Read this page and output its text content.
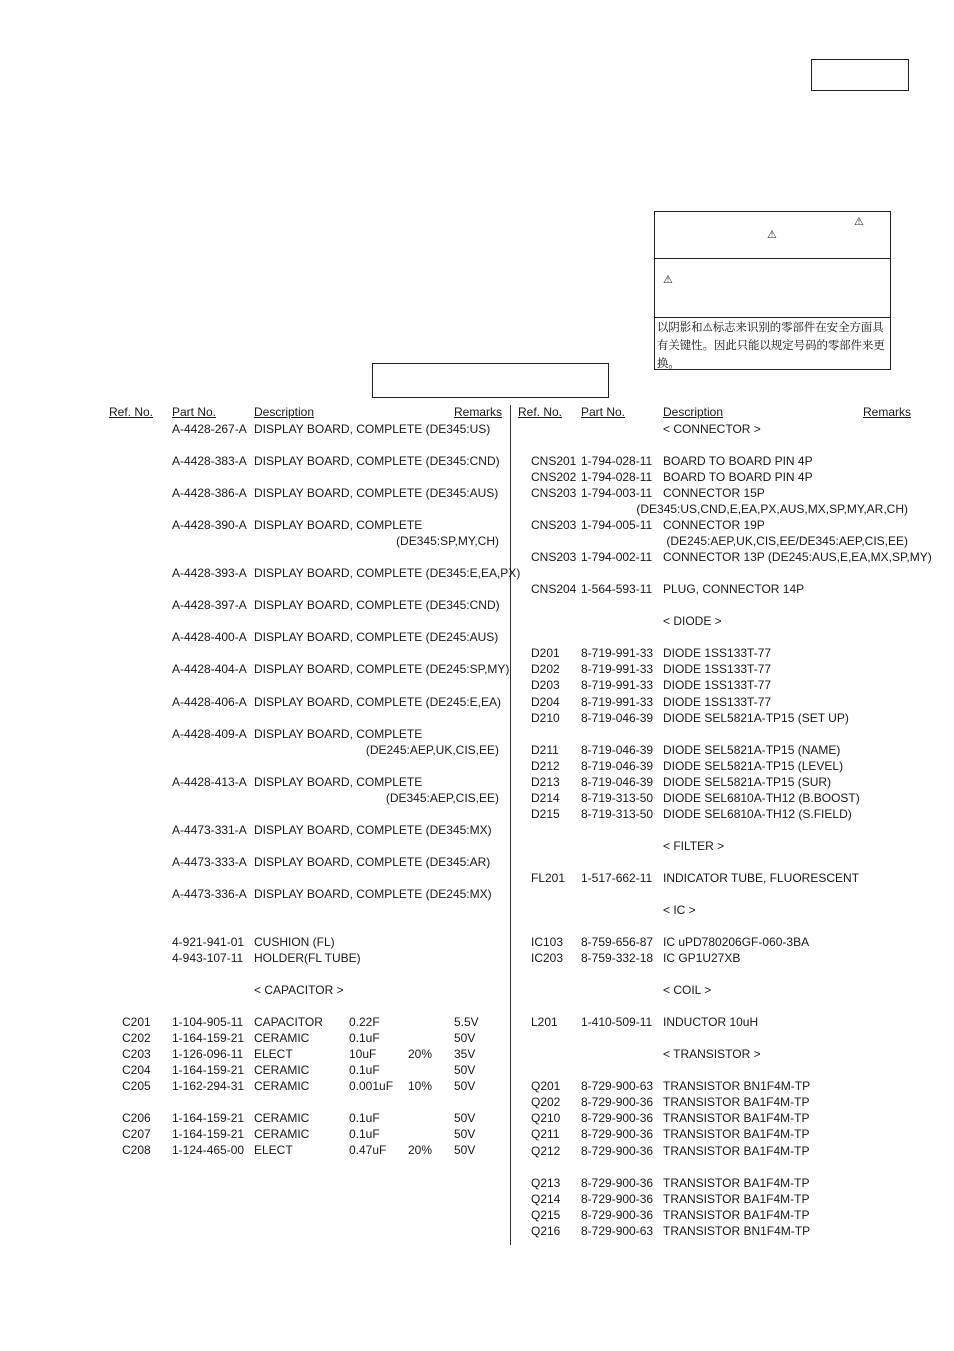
⚠
⚠
⚠
以阴影和⚠标志来识别的零部件在安全方面具有关键性。因此只能以规定号码的零部件来更换。
Ref. No. Part No.	Description	Remarks Ref. No. Part No.	Description	Remarks
A-4428-267-A DISPLAY BOARD, COMPLETE (DE345:US)
A-4428-383-A DISPLAY BOARD, COMPLETE (DE345:CND)
A-4428-386-A DISPLAY BOARD, COMPLETE (DE345:AUS)
A-4428-390-A DISPLAY BOARD, COMPLETE
(DE345:SP,MY,CH)
A-4428-393-A DISPLAY BOARD, COMPLETE (DE345:E,EA,PX)
A-4428-397-A DISPLAY BOARD, COMPLETE (DE345:CND)
A-4428-400-A DISPLAY BOARD, COMPLETE (DE245:AUS)
A-4428-404-A DISPLAY BOARD, COMPLETE (DE245:SP,MY)
A-4428-406-A DISPLAY BOARD, COMPLETE (DE245:E,EA)
A-4428-409-A DISPLAY BOARD, COMPLETE
(DE245:AEP,UK,CIS,EE)
A-4428-413-A DISPLAY BOARD, COMPLETE
(DE345:AEP,CIS,EE)
A-4473-331-A DISPLAY BOARD, COMPLETE (DE345:MX)
A-4473-333-A DISPLAY BOARD, COMPLETE (DE345:AR)
A-4473-336-A DISPLAY BOARD, COMPLETE (DE245:MX)
4-921-941-01 CUSHION (FL)
4-943-107-11 HOLDER(FL TUBE)
< CAPACITOR >
C201 1-104-905-11 CAPACITOR 0.22F	5.5V
C202 1-164-159-21 CERAMIC	0.1uF	50V
C203 1-126-096-11 ELECT	10uF	20% 35V
C204 1-164-159-21 CERAMIC	0.1uF	50V
C205 1-162-294-31 CERAMIC	0.001uF 10% 50V
C206 1-164-159-21 CERAMIC	0.1uF	50V
C207 1-164-159-21 CERAMIC	0.1uF	50V
C208 1-124-465-00 ELECT	0.47uF 20% 50V
< CONNECTOR >
CNS201 1-794-028-11 BOARD TO BOARD PIN 4P
CNS202 1-794-028-11 BOARD TO BOARD PIN 4P
CNS203 1-794-003-11 CONNECTOR 15P
(DE345:US,CND,E,EA,PX,AUS,MX,SP,MY,AR,CH)
CNS203 1-794-005-11 CONNECTOR 19P
(DE245:AEP,UK,CIS,EE/DE345:AEP,CIS,EE)
CNS203 1-794-002-11 CONNECTOR 13P (DE245:AUS,E,EA,MX,SP,MY)
CNS204 1-564-593-11 PLUG, CONNECTOR 14P
< DIODE >
D201 8-719-991-33 DIODE 1SS133T-77
D202 8-719-991-33 DIODE 1SS133T-77
D203 8-719-991-33 DIODE 1SS133T-77
D204 8-719-991-33 DIODE 1SS133T-77
D210 8-719-046-39 DIODE SEL5821A-TP15 (SET UP)
D211 8-719-046-39 DIODE SEL5821A-TP15 (NAME)
D212 8-719-046-39 DIODE SEL5821A-TP15 (LEVEL)
D213 8-719-046-39 DIODE SEL5821A-TP15 (SUR)
D214 8-719-313-50 DIODE SEL6810A-TH12 (B.BOOST)
D215 8-719-313-50 DIODE SEL6810A-TH12 (S.FIELD)
< FILTER >
FL201 1-517-662-11 INDICATOR TUBE, FLUORESCENT
< IC >
IC103 8-759-656-87 IC uPD780206GF-060-3BA
IC203 8-759-332-18 IC GP1U27XB
< COIL >
L201 1-410-509-11 INDUCTOR 10uH
< TRANSISTOR >
Q201 8-729-900-63 TRANSISTOR BN1F4M-TP
Q202 8-729-900-36 TRANSISTOR BA1F4M-TP
Q210 8-729-900-36 TRANSISTOR BA1F4M-TP
Q211 8-729-900-36 TRANSISTOR BA1F4M-TP
Q212 8-729-900-36 TRANSISTOR BA1F4M-TP
Q213 8-729-900-36 TRANSISTOR BA1F4M-TP
Q214 8-729-900-36 TRANSISTOR BA1F4M-TP
Q215 8-729-900-36 TRANSISTOR BA1F4M-TP
Q216 8-729-900-63 TRANSISTOR BN1F4M-TP
